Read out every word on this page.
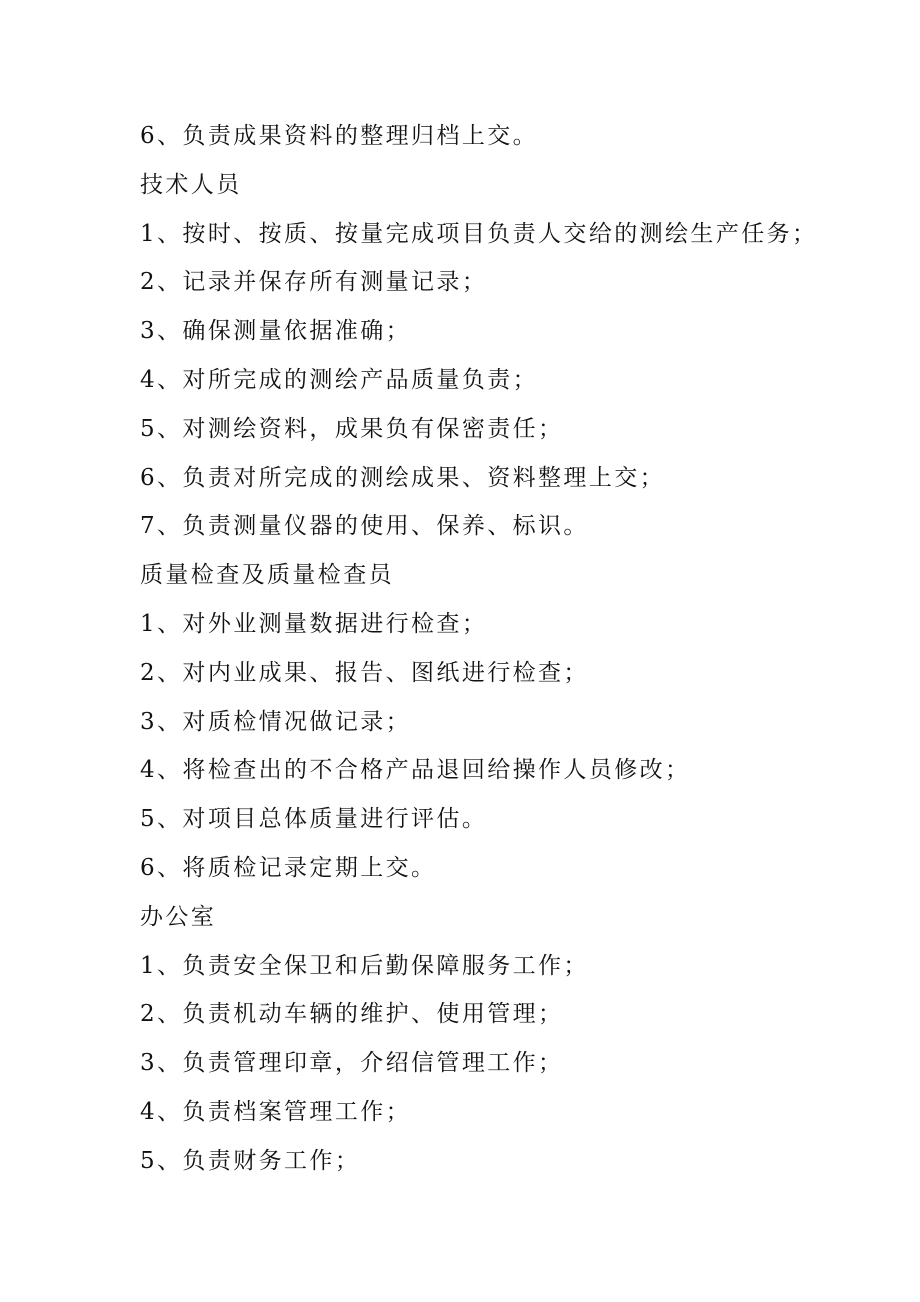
6、负责成果资料的整理归档上交。
技术人员
1、按时、按质、按量完成项目负责人交给的测绘生产任务；
2、记录并保存所有测量记录；
3、确保测量依据准确；
4、对所完成的测绘产品质量负责；
5、对测绘资料，成果负有保密责任；
6、负责对所完成的测绘成果、资料整理上交；
7、负责测量仪器的使用、保养、标识。
质量检查及质量检查员
1、对外业测量数据进行检查；
2、对内业成果、报告、图纸进行检查；
3、对质检情况做记录；
4、将检查出的不合格产品退回给操作人员修改；
5、对项目总体质量进行评估。
6、将质检记录定期上交。
办公室
1、负责安全保卫和后勤保障服务工作；
2、负责机动车辆的维护、使用管理；
3、负责管理印章，介绍信管理工作；
4、负责档案管理工作；
5、负责财务工作；
